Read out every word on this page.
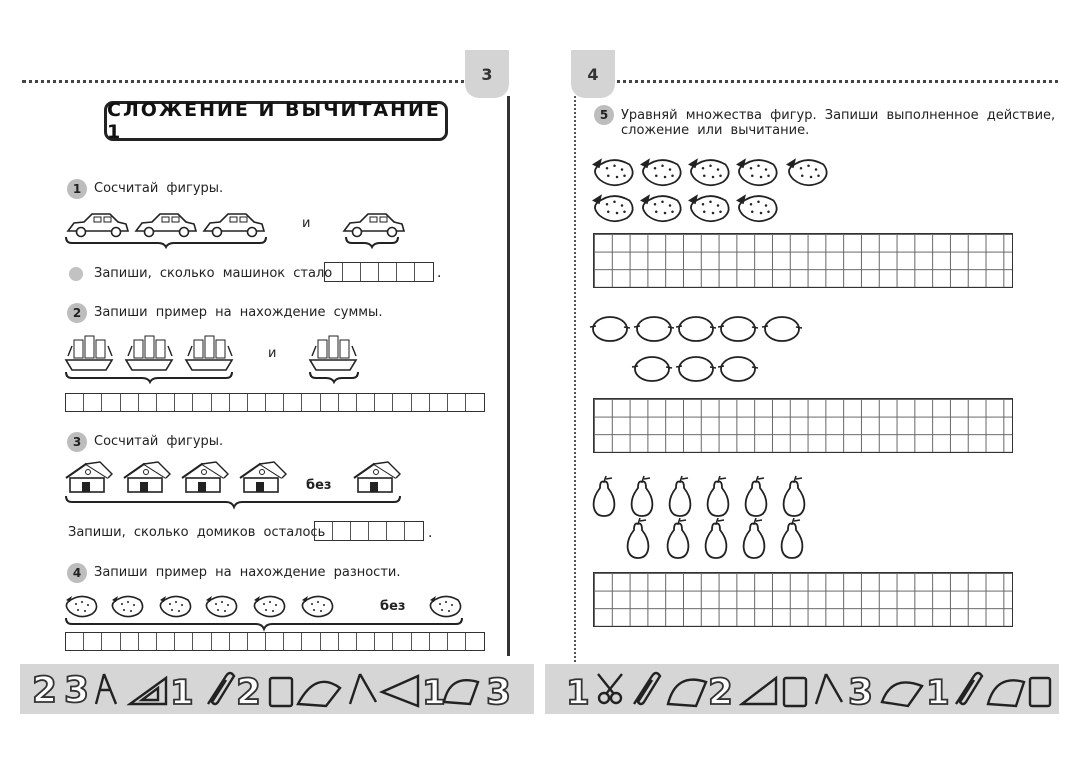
3	4
СЛОЖЕНИЕ И ВЫЧИТАНИЕ 1
1 Сосчитай фигуры.
и
Запиши, сколько машинок стало	.
2 Запиши пример на нахождение суммы.
и
3 Сосчитай фигуры.
без
Запиши, сколько домиков осталось	.
4 Запиши пример на нахождение разности.
без
2 3 1 2	1 3
5 Уравняй множества фигур. Запиши выполненное действие,
сложение или вычитание.
1	2	3 1
